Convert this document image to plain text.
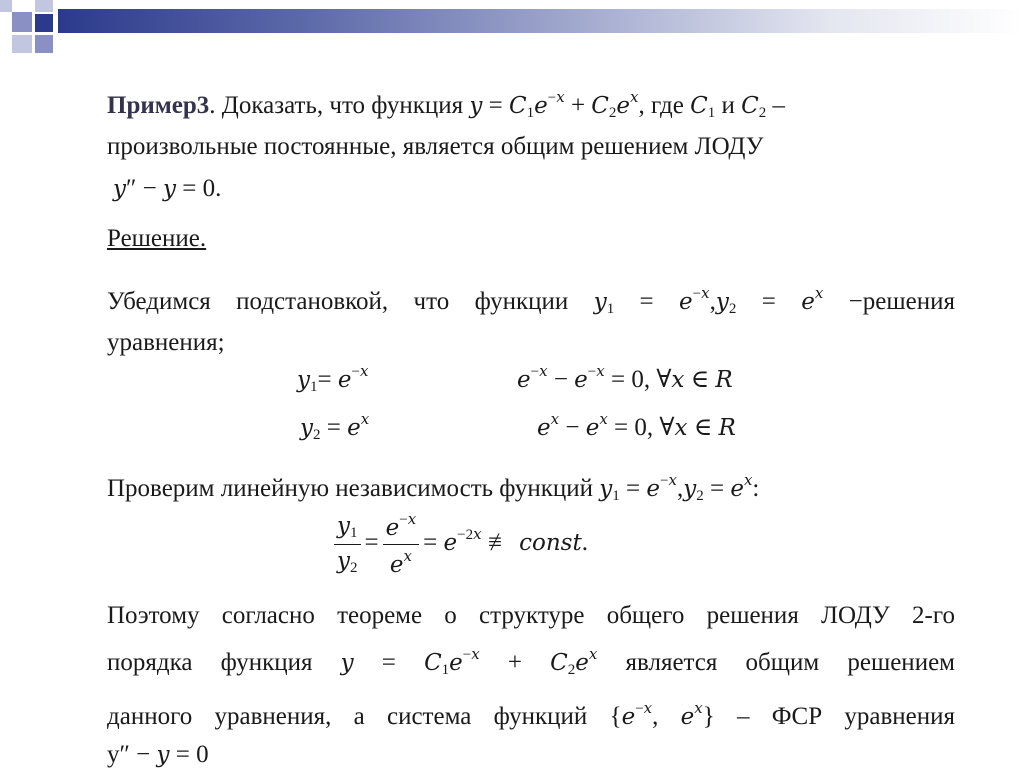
Пример3. Доказать, что функция $y = C_1e^{-x} + C_2e^x$, где $C_1$ и $C_2$ –
произвольные постоянные, является общим решением ЛОДУ
y″ − y = 0.
Решение.
Убедимся подстановкой, что функции $y_1 = e^{-x},y_2 = e^x$ −решения
уравнения;
$y_1= e^{-x}$	$e^{-x} - e^{-x} = 0$, ∀x ∈ R
$y_2 = e^x$	$e^x - e^x = 0$, ∀x ∈ R
Проверим линейную независимость функций $y_1 = e^{-x},y_2 = e^x$:
$\frac{y_1}{y_2} = \frac{e^{-x}}{e^x} = e^{-2x}$ ≢ const.
Поэтому согласно теореме о структуре общего решения ЛОДУ 2-го
порядка функция $y = C_1e^{-x} + C_2e^x$ является общим решением
данного уравнения, а система функций {$e^{-x}$, $e^x$} – ФСР уравнения
y″ − y = 0
